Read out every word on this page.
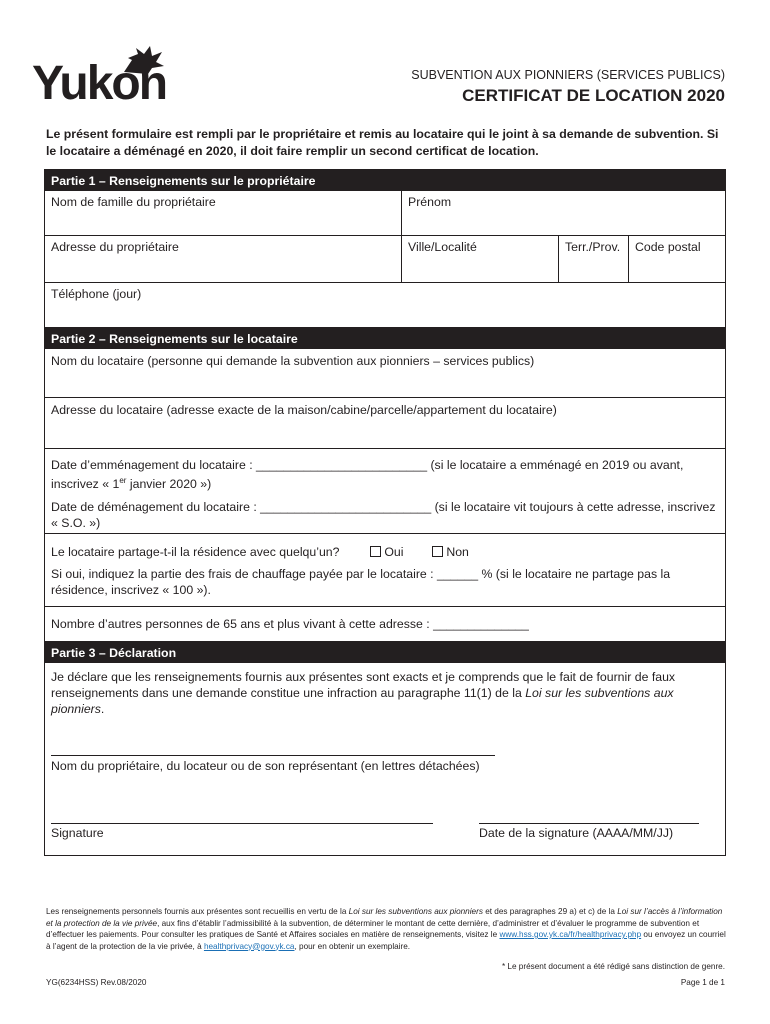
Yukon	SUBVENTION AUX PIONNIERS (SERVICES PUBLICS)
CERTIFICAT DE LOCATION 2020
Le présent formulaire est rempli par le propriétaire et remis au locataire qui le joint à sa demande de subvention. Si le locataire a déménagé en 2020, il doit faire remplir un second certificat de location.
Partie 1 – Renseignements sur le propriétaire
Nom de famille du propriétaire	Prénom
Adresse du propriétaire	Ville/Localité	Terr./Prov.	Code postal
Téléphone (jour)
Partie 2 – Renseignements sur le locataire
Nom du locataire (personne qui demande la subvention aux pionniers – services publics)
Adresse du locataire (adresse exacte de la maison/cabine/parcelle/appartement du locataire)
Date d’emménagement du locataire : _________________________ (si le locataire a emménagé en 2019 ou avant, inscrivez « 1er janvier 2020 »)
Date de déménagement du locataire : _________________________ (si le locataire vit toujours à cette adresse, inscrivez « S.O. »)
Le locataire partage-t-il la résidence avec quelqu’un?	Oui	Non
Si oui, indiquez la partie des frais de chauffage payée par le locataire : ______ % (si le locataire ne partage pas la résidence, inscrivez « 100 »).
Nombre d’autres personnes de 65 ans et plus vivant à cette adresse : ______________
Partie 3 – Déclaration
Je déclare que les renseignements fournis aux présentes sont exacts et je comprends que le fait de fournir de faux renseignements dans une demande constitue une infraction au paragraphe 11(1) de la Loi sur les subventions aux pionniers.
Nom du propriétaire, du locateur ou de son représentant (en lettres détachées)
Signature	Date de la signature (AAAA/MM/JJ)
Les renseignements personnels fournis aux présentes sont recueillis en vertu de la Loi sur les subventions aux pionniers et des paragraphes 29 a) et c) de la Loi sur l’accès à l’information et la protection de la vie privée, aux fins d’établir l’admissibilité à la subvention, de déterminer le montant de cette dernière, d’administrer et d’évaluer le programme de subvention et d’effectuer les paiements. Pour consulter les pratiques de Santé et Affaires sociales en matière de renseignements, visitez le www.hss.gov.yk.ca/fr/healthprivacy.php ou envoyez un courriel à l’agent de la protection de la vie privée, à healthprivacy@gov.yk.ca, pour en obtenir un exemplaire.
* Le présent document a été rédigé sans distinction de genre.
YG(6234HSS) Rev.08/2020	Page 1 de 1
